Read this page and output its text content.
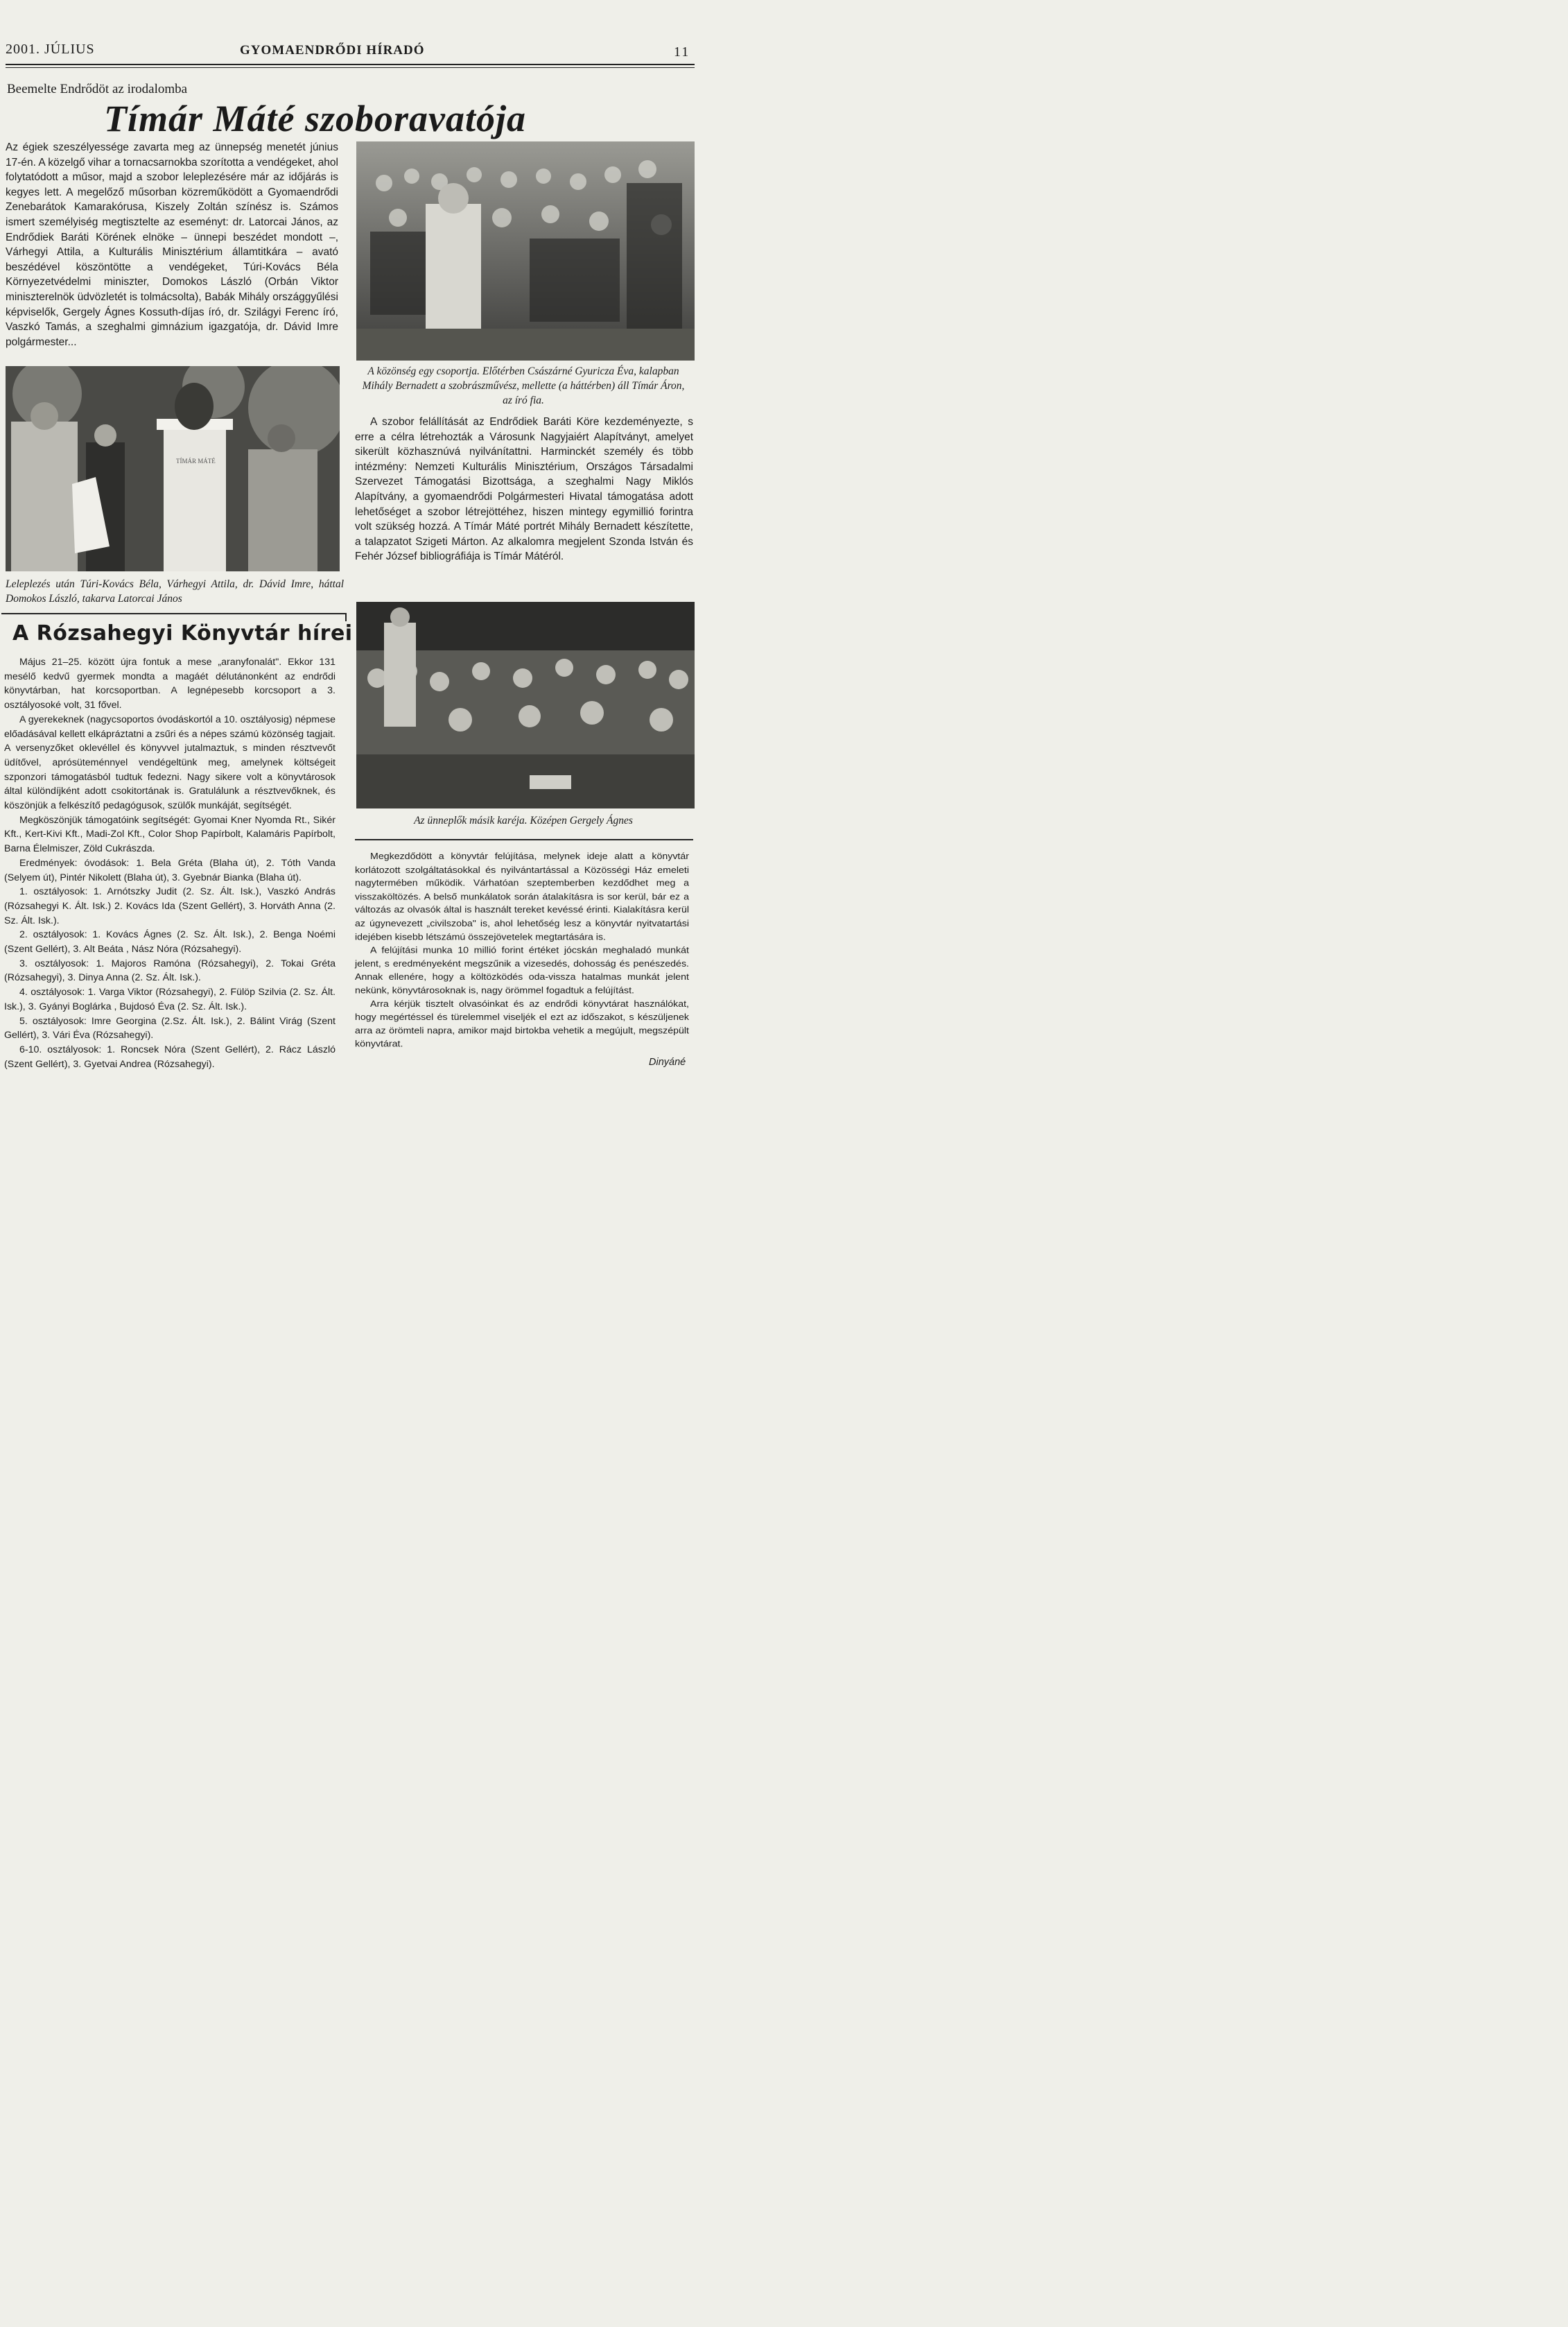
2001. JÚLIUS	GYOMAENDRŐDI HÍRADÓ	11
Beemelte Endrődöt az irodalomba
Tímár Máté szoboravatója
Az égiek szeszélyessége zavarta meg az ünnepség menetét június 17-én. A közelgő vihar a tornacsarnokba szorította a vendégeket, ahol folytatódott a műsor, majd a szobor leleplezésére már az időjárás is kegyes lett. A megelőző műsorban közreműködött a Gyomaendrődi Zenebarátok Kamarakórusa, Kiszely Zoltán színész is. Számos ismert személyiség megtisztelte az eseményt: dr. Latorcai János, az Endrődiek Baráti Körének elnöke – ünnepi beszédet mondott –, Várhegyi Attila, a Kulturális Minisztérium államtitkára – avató beszédével köszöntötte a vendégeket, Túri-Kovács Béla Környezetvédelmi miniszter, Domokos László (Orbán Viktor miniszterelnök üdvözletét is tolmácsolta), Babák Mihály országgyűlési képviselők, Gergely Ágnes Kossuth-díjas író, dr. Szilágyi Ferenc író, Vaszkó Tamás, a szeghalmi gimnázium igazgatója, dr. Dávid Imre polgármester...
A közönség egy csoportja. Előtérben Császárné Gyuricza Éva, kalapban Mihály Bernadett a szobrászművész, mellette (a háttérben) áll Tímár Áron, az író fia.
TÍMÁR MÁTÉ
Leleplezés után Túri-Kovács Béla, Várhegyi Attila, dr. Dávid Imre, háttal Domokos László, takarva Latorcai János
A szobor felállítását az Endrődiek Baráti Köre kezdeményezte, s erre a célra létrehozták a Városunk Nagyjaiért Alapítványt, amelyet sikerült közhasznúvá nyilvánítattni. Harminckét személy és több intézmény: Nemzeti Kulturális Minisztérium, Országos Társadalmi Szervezet Támogatási Bizottsága, a szeghalmi Nagy Miklós Alapítvány, a gyomaendrődi Polgármesteri Hivatal támogatása adott lehetőséget a szobor létrejöttéhez, hiszen mintegy egymillió forintra volt szükség hozzá. A Tímár Máté portrét Mihály Bernadett készítette, a talapzatot Szigeti Márton. Az alkalomra megjelent Szonda István és Fehér József bibliográfiája is Tímár Mátéról.
Az ünneplők másik karéja. Középen Gergely Ágnes
A Rózsahegyi Könyvtár hírei

Május 21–25. között újra fontuk a mese „aranyfonalát". Ekkor 131 mesélő kedvű gyermek mondta a magáét délutánonként az endrődi könyvtárban, hat korcsoportban. A legnépesebb korcsoport a 3. osztályosoké volt, 31 fővel.

A gyerekeknek (nagycsoportos óvodáskortól a 10. osztályosig) népmese előadásával kellett elkápráztatni a zsűri és a népes számú közönség tagjait. A versenyzőket oklevéllel és könyvvel jutalmaztuk, s minden résztvevőt üdítővel, aprósüteménnyel vendégeltünk meg, amelynek költségeit szponzori támogatásból tudtuk fedezni. Nagy sikere volt a könyvtárosok által különdíjként adott csokitortának is. Gratulálunk a résztvevőknek, és köszönjük a felkészítő pedagógusok, szülők munkáját, segítségét.

Megköszönjük támogatóink segítségét: Gyomai Kner Nyomda Rt., Sikér Kft., Kert-Kivi Kft., Madi-Zol Kft., Color Shop Papírbolt, Kalamáris Papírbolt, Barna Élelmiszer, Zöld Cukrászda.

Eredmények: óvodások: 1. Bela Gréta (Blaha út), 2. Tóth Vanda (Selyem út), Pintér Nikolett (Blaha út), 3. Gyebnár Bianka (Blaha út).

1. osztályosok: 1. Arnótszky Judit (2. Sz. Ált. Isk.), Vaszkó András (Rózsahegyi K. Ált. Isk.) 2. Kovács Ida (Szent Gellért), 3. Horváth Anna (2. Sz. Ált. Isk.).

2. osztályosok: 1. Kovács Ágnes (2. Sz. Ált. Isk.), 2. Benga Noémi (Szent Gellért), 3. Alt Beáta , Nász Nóra (Rózsahegyi).

3. osztályosok: 1. Majoros Ramóna (Rózsahegyi), 2. Tokai Gréta (Rózsahegyi), 3. Dinya Anna (2. Sz. Ált. Isk.).

4. osztályosok: 1. Varga Viktor (Rózsahegyi), 2. Fülöp Szilvia (2. Sz. Ált. Isk.), 3. Gyányi Boglárka , Bujdosó Éva (2. Sz. Ált. Isk.).

5. osztályosok: Imre Georgina (2.Sz. Ált. Isk.), 2. Bálint Virág (Szent Gellért), 3. Vári Éva (Rózsahegyi).

6-10. osztályosok: 1. Roncsek Nóra (Szent Gellért), 2. Rácz László (Szent Gellért), 3. Gyetvai Andrea (Rózsahegyi).

Megkezdődött a könyvtár felújítása, melynek ideje alatt a könyvtár korlátozott szolgáltatásokkal és nyilvántartással a Közösségi Ház emeleti nagytermében működik. Várhatóan szeptemberben kezdődhet meg a visszaköltözés. A belső munkálatok során átalakításra is sor kerül, bár ez a változás az olvasók által is használt tereket kevéssé érinti. Kialakításra kerül az úgynevezett „civilszoba" is, ahol lehetőség lesz a könyvtár nyitvatartási idejében kisebb létszámú összejövetelek megtartására is.

A felújítási munka 10 millió forint értéket jócskán meghaladó munkát jelent, s eredményeként megszűnik a vizesedés, dohosság és penészedés. Annak ellenére, hogy a költözködés oda-vissza hatalmas munkát jelent nekünk, könyvtárosoknak is, nagy örömmel fogadtuk a felújítást.

Arra kérjük tisztelt olvasóinkat és az endrődi könyvtárat használókat, hogy megértéssel és türelemmel viseljék el ezt az időszakot, s készüljenek arra az örömteli napra, amikor majd birtokba vehetik a megújult, megszépült könyvtárat.

Dinyáné
